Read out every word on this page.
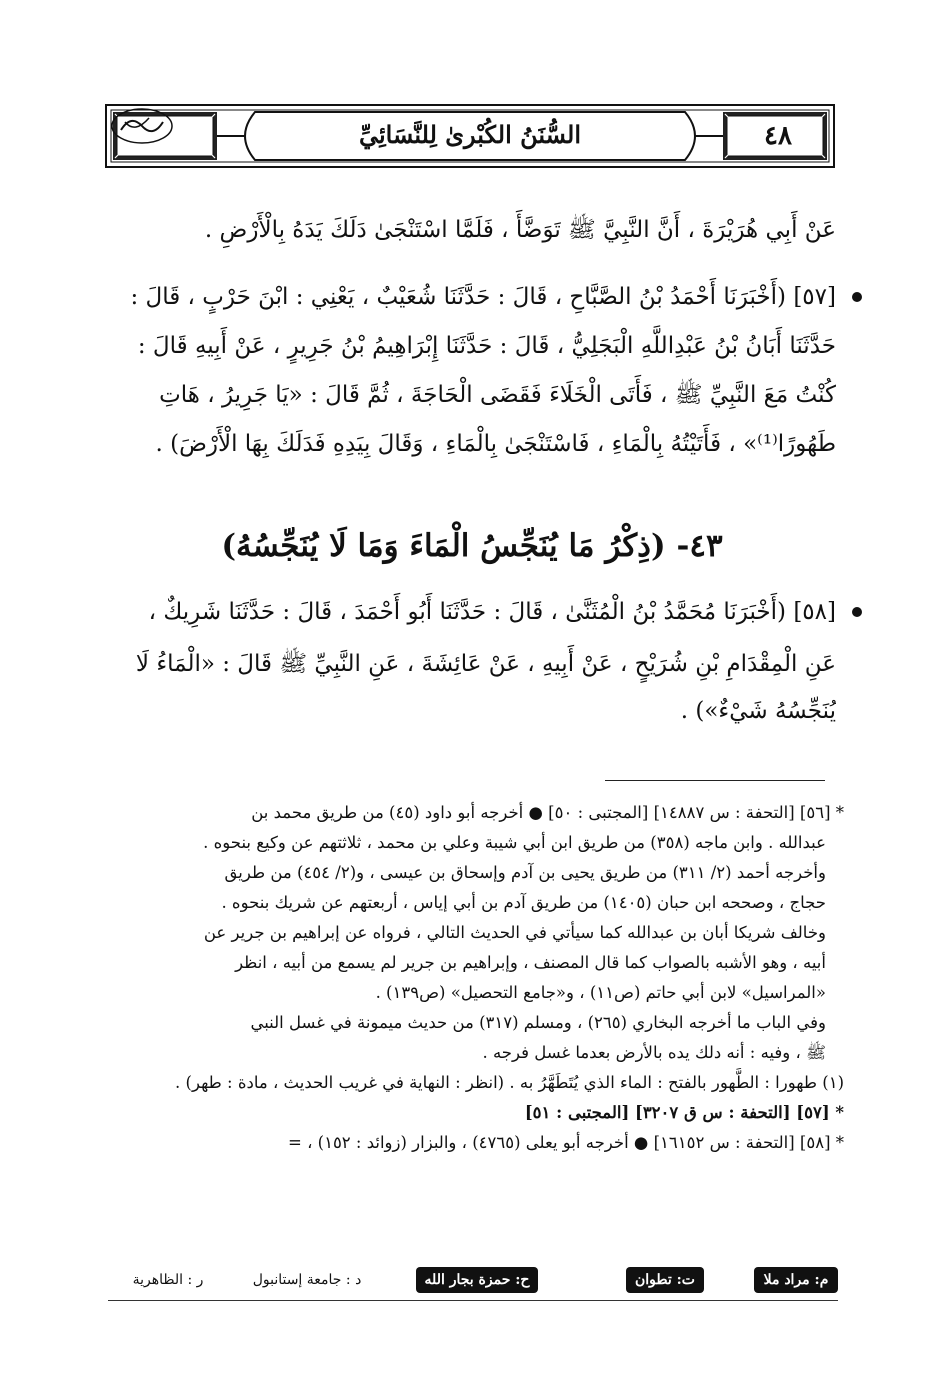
٤٨
السُّنَنُ الكُبْرىٰ لِلنَّسَائِيِّ
عَنْ أَبِي هُرَيْرَةَ ، أَنَّ النَّبِيَّ ﷺ تَوَضَّأَ ، فَلَمَّا اسْتَنْجَىٰ دَلَكَ يَدَهُ بِالْأَرْضِ .
[٥٧] (أَخْبَرَنَا أَحْمَدُ بْنُ الصَّبَّاحِ ، قَالَ : حَدَّثَنَا شُعَيْبٌ ، يَعْنِي : ابْنَ حَرْبٍ ، قَالَ :
حَدَّثَنَا أَبَانُ بْنُ عَبْدِاللَّهِ الْبَجَلِيُّ ، قَالَ : حَدَّثَنَا إِبْرَاهِيمُ بْنُ جَرِيرٍ ، عَنْ أَبِيهِ قَالَ :
كُنْتُ مَعَ النَّبِيِّ ﷺ ، فَأَتَى الْخَلَاءَ فَقَضَى الْحَاجَةَ ، ثُمَّ قَالَ : «يَا جَرِيرُ ، هَاتِ
طَهُورًا⁽¹⁾» ، فَأَتَيْتُهُ بِالْمَاءِ ، فَاسْتَنْجَىٰ بِالْمَاءِ ، وَقَالَ بِيَدِهِ فَدَلَكَ بِهَا الْأَرْضَ) .
٤٣- (ذِكْرُ مَا يُنَجِّسُ الْمَاءَ وَمَا لَا يُنَجِّسُهُ)
[٥٨] (أَخْبَرَنَا مُحَمَّدُ بْنُ الْمُثَنَّىٰ ، قَالَ : حَدَّثَنَا أَبُو أَحْمَدَ ، قَالَ : حَدَّثَنَا شَرِيكٌ ،
عَنِ الْمِقْدَامِ بْنِ شُرَيْحٍ ، عَنْ أَبِيهِ ، عَنْ عَائِشَةَ ، عَنِ النَّبِيِّ ﷺ قَالَ : «الْمَاءُ لَا
يُنَجِّسُهُ شَيْءٌ») .
* [٥٦] [التحفة : س ١٤٨٨٧] [المجتبى : ٥٠] ● أخرجه أبو داود (٤٥) من طريق محمد بن
عبدالله . وابن ماجه (٣٥٨) من طريق ابن أبي شيبة وعلي بن محمد ، ثلاثتهم عن وكيع بنحوه .
وأخرجه أحمد (٢/ ٣١١) من طريق يحيى بن آدم وإسحاق بن عيسى ، و(٢/ ٤٥٤) من طريق
حجاج ، وصححه ابن حبان (١٤٠٥) من طريق آدم بن أبي إياس ، أربعتهم عن شريك بنحوه .
وخالف شريكا أبان بن عبدالله كما سيأتي في الحديث التالي ، فرواه عن إبراهيم بن جرير عن
أبيه ، وهو الأشبه بالصواب كما قال المصنف ، وإبراهيم بن جرير لم يسمع من أبيه ، انظر
«المراسيل» لابن أبي حاتم (ص١١) ، و«جامع التحصيل» (ص١٣٩) .
وفي الباب ما أخرجه البخاري (٢٦٥) ، ومسلم (٣١٧) من حديث ميمونة في غسل النبي
ﷺ ، وفيه : أنه دلك يده بالأرض بعدما غسل فرجه .
(١) طهورا : الطَّهور بالفتح : الماء الذي يُتَطَهَّرُ به . (انظر : النهاية في غريب الحديث ، مادة : طهر) .
* [٥٧] [التحفة : س ق ٣٢٠٧] [المجتبى : ٥١]
* [٥٨] [التحفة : س ١٦١٥٢] ● أخرجه أبو يعلى (٤٧٦٥) ، والبزار (زوائد : ١٥٢) ، =
م: مراد ملا
ت: تطوان
ح: حمزة بجار الله
د : جامعة إستانبول
ر : الظاهرية
